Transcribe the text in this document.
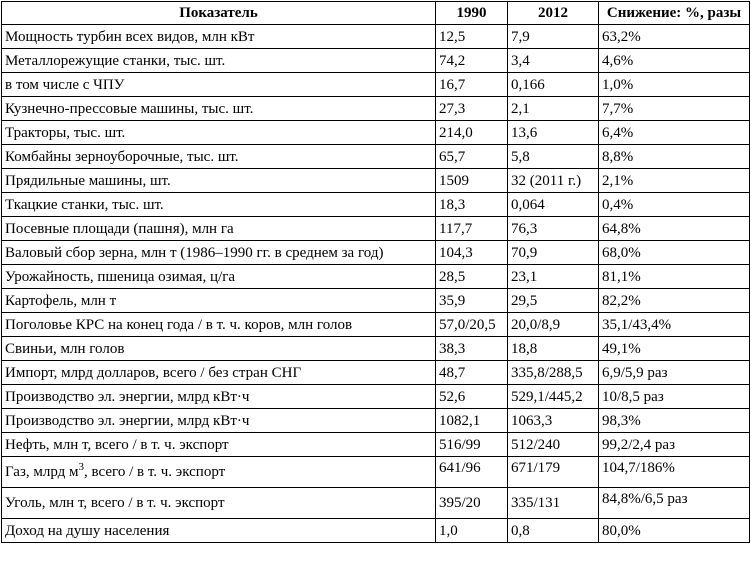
Показатель	1990	2012	Снижение: %, разы
Мощность турбин всех видов, млн кВт	12,5	7,9	63,2%
Металлорежущие станки, тыс. шт.	74,2	3,4	4,6%
в том числе с ЧПУ	16,7	0,166	1,0%
Кузнечно-прессовые машины, тыс. шт.	27,3	2,1	7,7%
Тракторы, тыс. шт.	214,0	13,6	6,4%
Комбайны зерноуборочные, тыс. шт.	65,7	5,8	8,8%
Прядильные машины, шт.	1509	32 (2011 г.)	2,1%
Ткацкие станки, тыс. шт.	18,3	0,064	0,4%
Посевные площади (пашня), млн га	117,7	76,3	64,8%
Валовый сбор зерна, млн т (1986–1990 гг. в среднем за год)	104,3	70,9	68,0%
Урожайность, пшеница озимая, ц/га	28,5	23,1	81,1%
Картофель, млн т	35,9	29,5	82,2%
Поголовье КРС на конец года / в т. ч. коров, млн голов	57,0/20,5	20,0/8,9	35,1/43,4%
Свиньи, млн голов	38,3	18,8	49,1%
Импорт, млрд долларов, всего / без стран СНГ	48,7	335,8/288,5	6,9/5,9 раз
Производство эл. энергии, млрд кВт·ч	52,6	529,1/445,2	10/8,5 раз
Производство эл. энергии, млрд кВт·ч	1082,1	1063,3	98,3%
Нефть, млн т, всего / в т. ч. экспорт	516/99	512/240	99,2/2,4 раз
Газ, млрд $м^3$, всего / в т. ч. экспорт	641/96	671/179	104,7/186%
Уголь, млн т, всего / в т. ч. экспорт	395/20	335/131	84,8%/6,5 раз
Доход на душу населения	1,0	0,8	80,0%
